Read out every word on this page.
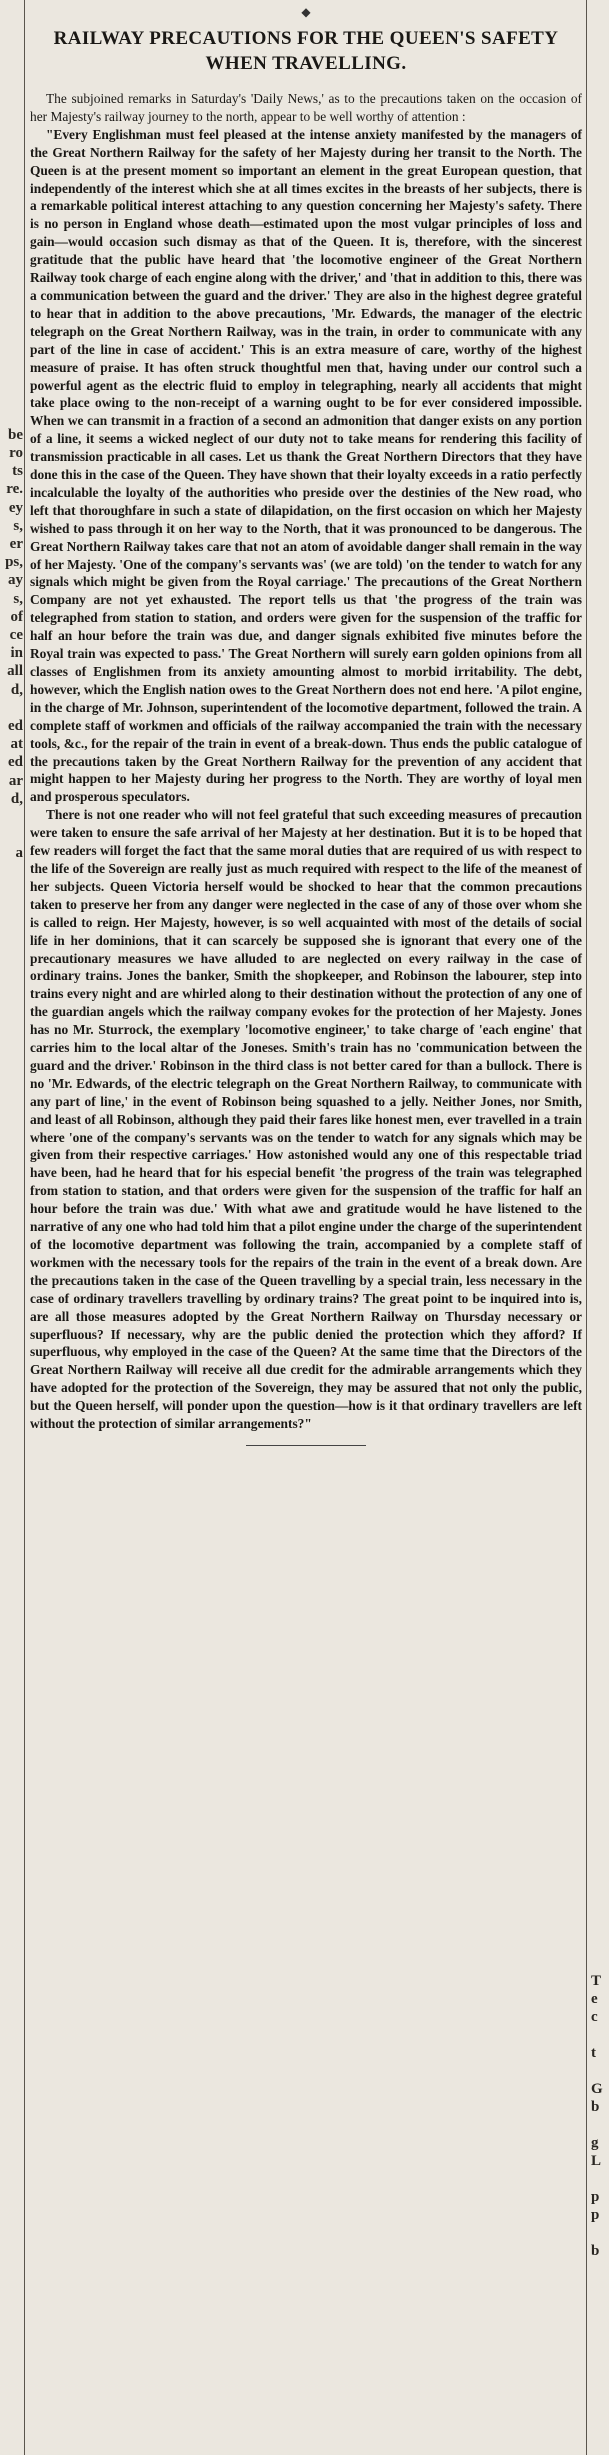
be
ro
ts
re.
ey
s,
er
ps,
ay
s,
of
ce
in
all
d,
ed
at
ed
ar
d,
a
◆
RAILWAY PRECAUTIONS FOR THE QUEEN'S SAFETY WHEN TRAVELLING.

The subjoined remarks in Saturday's 'Daily News,' as to the precautions taken on the occasion of her Majesty's railway journey to the north, appear to be well worthy of attention :

"Every Englishman must feel pleased at the intense anxiety manifested by the managers of the Great Northern Railway for the safety of her Majesty during her transit to the North. The Queen is at the present moment so important an element in the great European question, that independently of the interest which she at all times excites in the breasts of her subjects, there is a remarkable political interest attaching to any question concerning her Majesty's safety. There is no person in England whose death—estimated upon the most vulgar principles of loss and gain—would occasion such dismay as that of the Queen. It is, therefore, with the sincerest gratitude that the public have heard that 'the locomotive engineer of the Great Northern Railway took charge of each engine along with the driver,' and 'that in addition to this, there was a communication between the guard and the driver.' They are also in the highest degree grateful to hear that in addition to the above precautions, 'Mr. Edwards, the manager of the electric telegraph on the Great Northern Railway, was in the train, in order to communicate with any part of the line in case of accident.' This is an extra measure of care, worthy of the highest measure of praise. It has often struck thoughtful men that, having under our control such a powerful agent as the electric fluid to employ in telegraphing, nearly all accidents that might take place owing to the non-receipt of a warning ought to be for ever considered impossible. When we can transmit in a fraction of a second an admonition that danger exists on any portion of a line, it seems a wicked neglect of our duty not to take means for rendering this facility of transmission practicable in all cases. Let us thank the Great Northern Directors that they have done this in the case of the Queen. They have shown that their loyalty exceeds in a ratio perfectly incalculable the loyalty of the authorities who preside over the destinies of the New road, who left that thoroughfare in such a state of dilapidation, on the first occasion on which her Majesty wished to pass through it on her way to the North, that it was pronounced to be dangerous. The Great Northern Railway takes care that not an atom of avoidable danger shall remain in the way of her Majesty. 'One of the company's servants was' (we are told) 'on the tender to watch for any signals which might be given from the Royal carriage.' The precautions of the Great Northern Company are not yet exhausted. The report tells us that 'the progress of the train was telegraphed from station to station, and orders were given for the suspension of the traffic for half an hour before the train was due, and danger signals exhibited five minutes before the Royal train was expected to pass.' The Great Northern will surely earn golden opinions from all classes of Englishmen from its anxiety amounting almost to morbid irritability. The debt, however, which the English nation owes to the Great Northern does not end here. 'A pilot engine, in the charge of Mr. Johnson, superintendent of the locomotive department, followed the train. A complete staff of workmen and officials of the railway accompanied the train with the necessary tools, &c., for the repair of the train in event of a break-down. Thus ends the public catalogue of the precautions taken by the Great Northern Railway for the prevention of any accident that might happen to her Majesty during her progress to the North. They are worthy of loyal men and prosperous speculators.

There is not one reader who will not feel grateful that such exceeding measures of precaution were taken to ensure the safe arrival of her Majesty at her destination. But it is to be hoped that few readers will forget the fact that the same moral duties that are required of us with respect to the life of the Sovereign are really just as much required with respect to the life of the meanest of her subjects. Queen Victoria herself would be shocked to hear that the common precautions taken to preserve her from any danger were neglected in the case of any of those over whom she is called to reign. Her Majesty, however, is so well acquainted with most of the details of social life in her dominions, that it can scarcely be supposed she is ignorant that every one of the precautionary measures we have alluded to are neglected on every railway in the case of ordinary trains. Jones the banker, Smith the shopkeeper, and Robinson the labourer, step into trains every night and are whirled along to their destination without the protection of any one of the guardian angels which the railway company evokes for the protection of her Majesty. Jones has no Mr. Sturrock, the exemplary 'locomotive engineer,' to take charge of 'each engine' that carries him to the local altar of the Joneses. Smith's train has no 'communication between the guard and the driver.' Robinson in the third class is not better cared for than a bullock. There is no 'Mr. Edwards, of the electric telegraph on the Great Northern Railway, to communicate with any part of line,' in the event of Robinson being squashed to a jelly. Neither Jones, nor Smith, and least of all Robinson, although they paid their fares like honest men, ever travelled in a train where 'one of the company's servants was on the tender to watch for any signals which may be given from their respective carriages.' How astonished would any one of this respectable triad have been, had he heard that for his especial benefit 'the progress of the train was telegraphed from station to station, and that orders were given for the suspension of the traffic for half an hour before the train was due.' With what awe and gratitude would he have listened to the narrative of any one who had told him that a pilot engine under the charge of the superintendent of the locomotive department was following the train, accompanied by a complete staff of workmen with the necessary tools for the repairs of the train in the event of a break down. Are the precautions taken in the case of the Queen travelling by a special train, less necessary in the case of ordinary travellers travelling by ordinary trains? The great point to be inquired into is, are all those measures adopted by the Great Northern Railway on Thursday necessary or superfluous? If necessary, why are the public denied the protection which they afford? If superfluous, why employed in the case of the Queen? At the same time that the Directors of the Great Northern Railway will receive all due credit for the admirable arrangements which they have adopted for the protection of the Sovereign, they may be assured that not only the public, but the Queen herself, will ponder upon the question—how is it that ordinary travellers are left without the protection of similar arrangements?"

T
e
c
t
G
b
g
L
p
p
b
